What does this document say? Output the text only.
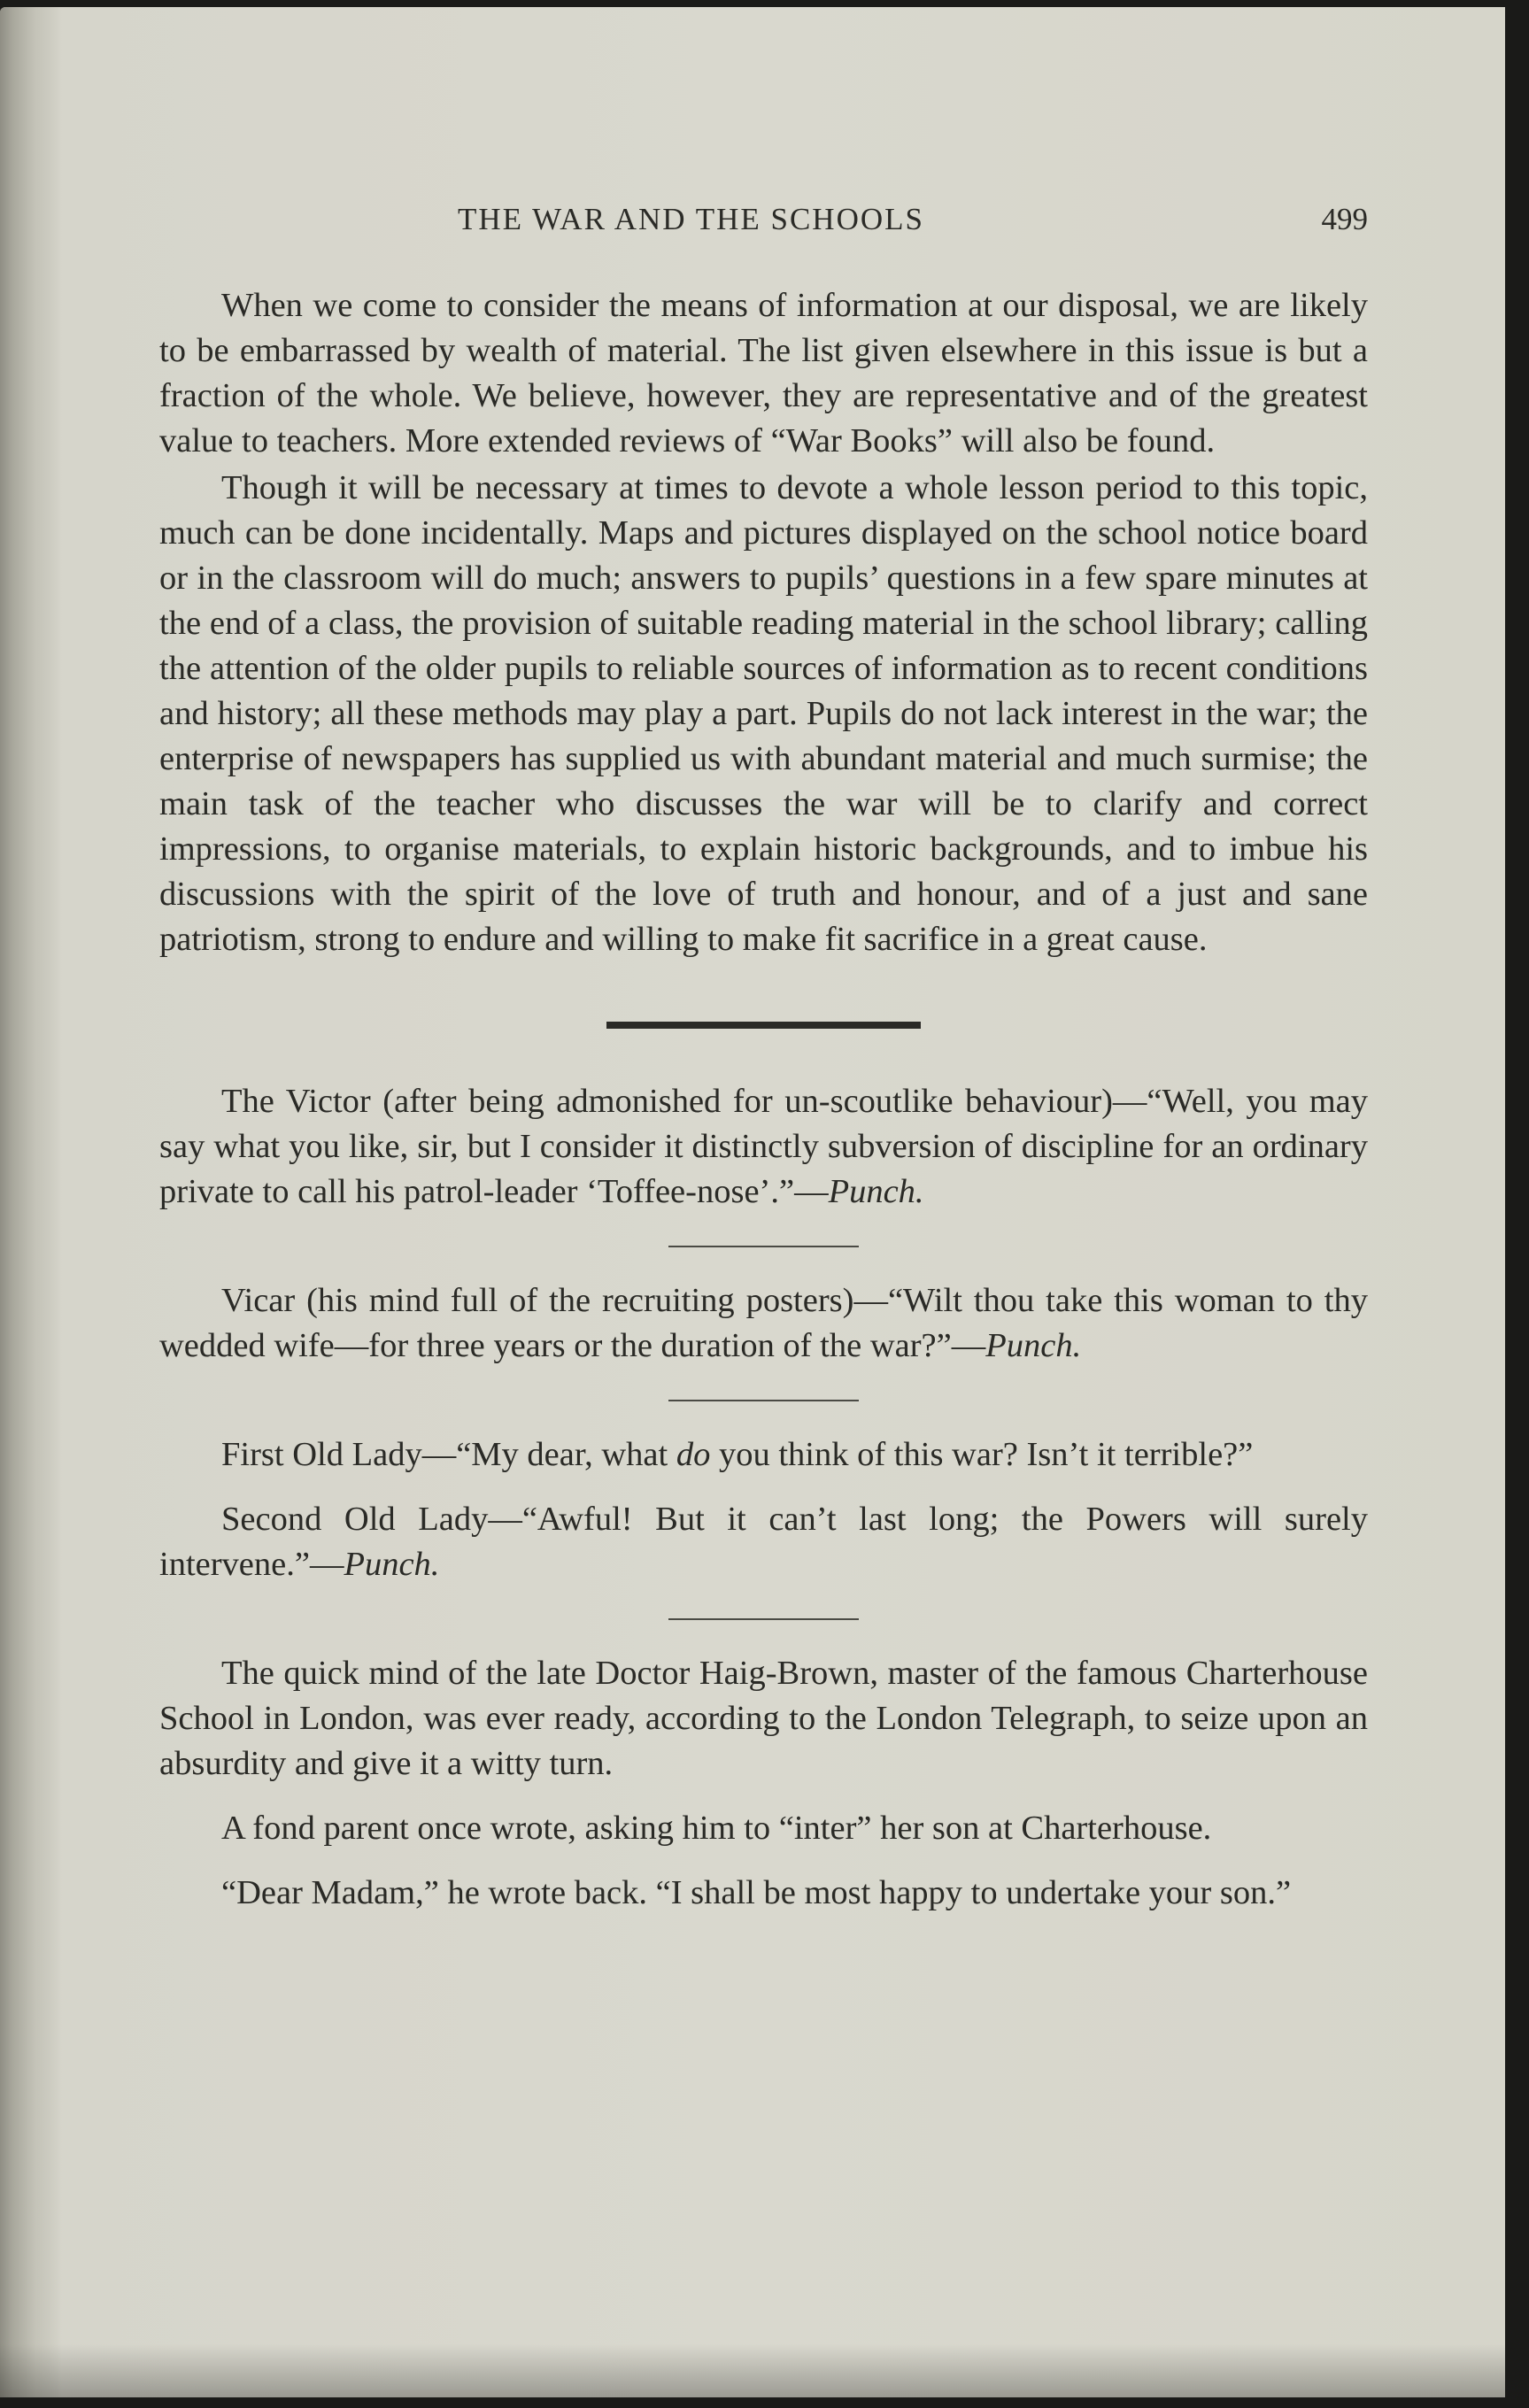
THE WAR AND THE SCHOOLS	499

When we come to consider the means of information at our disposal, we are likely to be embarrassed by wealth of material. The list given elsewhere in this issue is but a fraction of the whole. We believe, however, they are representative and of the greatest value to teachers. More extended reviews of “War Books” will also be found.

Though it will be necessary at times to devote a whole lesson period to this topic, much can be done incidentally. Maps and pictures displayed on the school notice board or in the classroom will do much; answers to pupils’ questions in a few spare minutes at the end of a class, the provision of suitable reading material in the school library; calling the attention of the older pupils to reliable sources of information as to recent conditions and history; all these methods may play a part. Pupils do not lack interest in the war; the enterprise of newspapers has supplied us with abundant material and much surmise; the main task of the teacher who discusses the war will be to clarify and correct impressions, to organise materials, to explain historic backgrounds, and to imbue his discussions with the spirit of the love of truth and honour, and of a just and sane patriotism, strong to endure and willing to make fit sacrifice in a great cause.

The Victor (after being admonished for un-scoutlike behaviour)—“Well, you may say what you like, sir, but I consider it distinctly subversion of discipline for an ordinary private to call his patrol-leader ‘Toffee-nose’.”—Punch.

Vicar (his mind full of the recruiting posters)—“Wilt thou take this woman to thy wedded wife—for three years or the duration of the war?”—Punch.

First Old Lady—“My dear, what do you think of this war? Isn’t it terrible?”

Second Old Lady—“Awful! But it can’t last long; the Powers will surely intervene.”—Punch.

The quick mind of the late Doctor Haig-Brown, master of the famous Charterhouse School in London, was ever ready, according to the London Telegraph, to seize upon an absurdity and give it a witty turn.

A fond parent once wrote, asking him to “inter” her son at Charterhouse.

“Dear Madam,” he wrote back. “I shall be most happy to undertake your son.”
